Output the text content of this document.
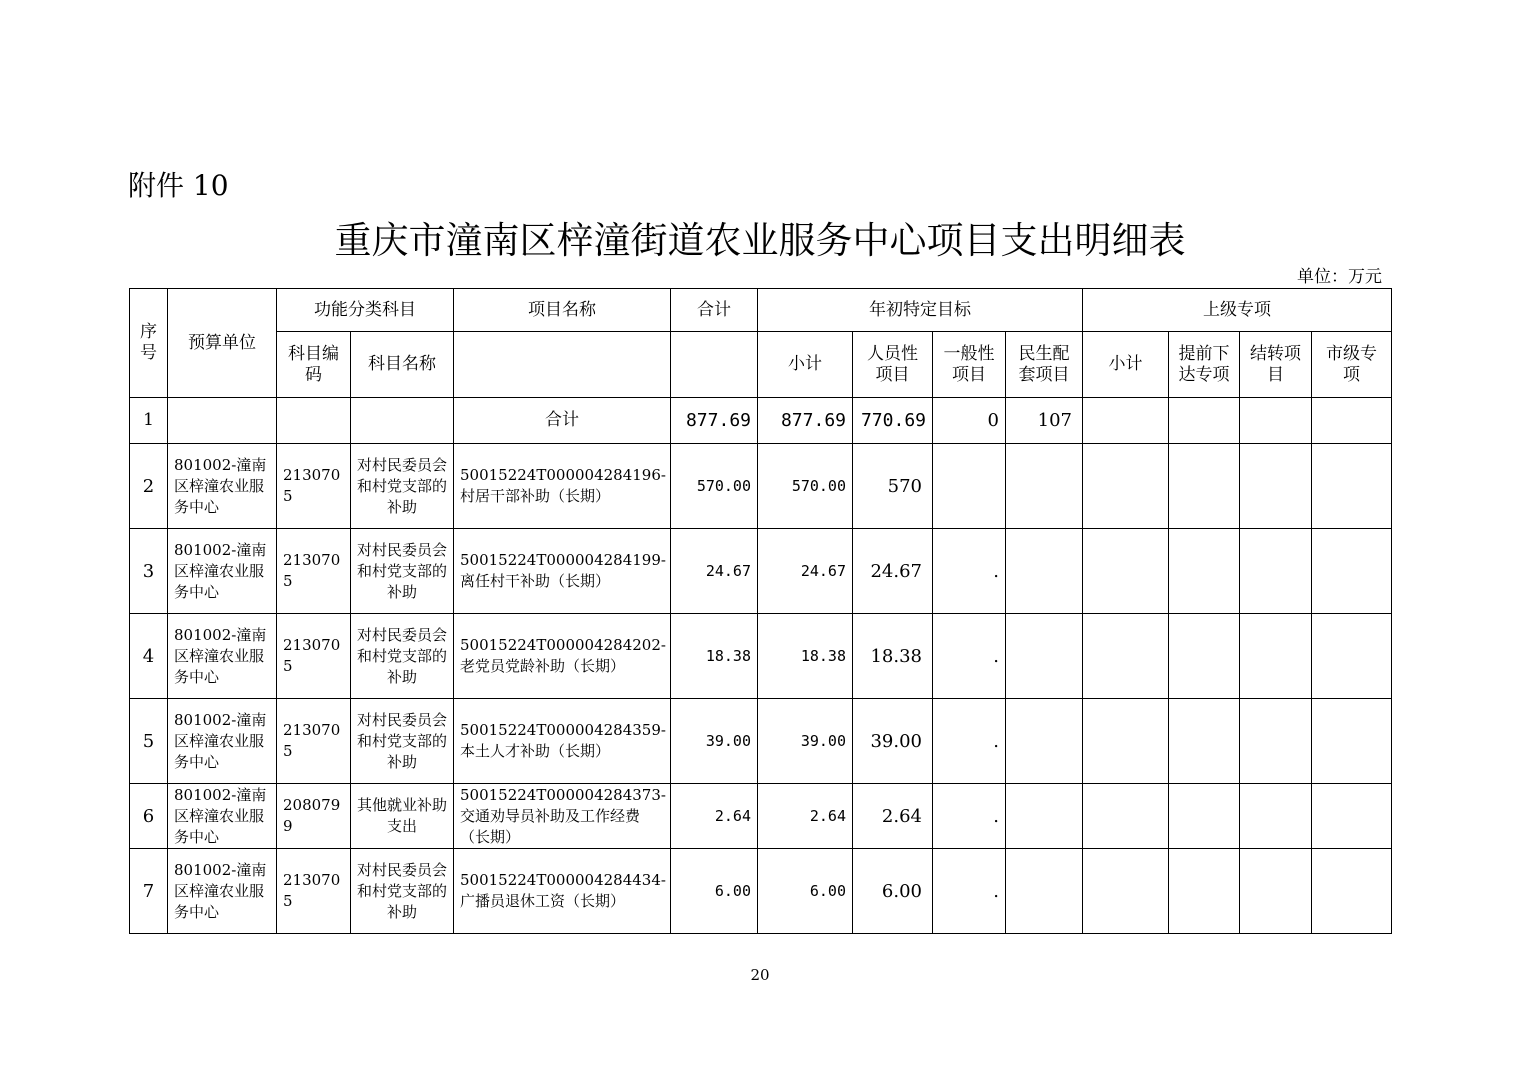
附件 10
重庆市潼南区梓潼街道农业服务中心项目支出明细表
单位：万元
序号	预算单位	功能分类科目		项目名称	合计	年初特定目标				上级专项			
		科目编码	科目名称			小计	人员性项目	一般性项目	民生配套项目	小计	提前下达专项	结转项目	市级专项
1				合计	877.69	877.69	770.69	0	107				
2	801002-潼南区梓潼农业服务中心	2130705	对村民委员会和村党支部的补助	50015224T000004284196-村居干部补助（长期）	570.00	570.00	570						
3	801002-潼南区梓潼农业服务中心	2130705	对村民委员会和村党支部的补助	50015224T000004284199-离任村干补助（长期）	24.67	24.67	24.67	.					
4	801002-潼南区梓潼农业服务中心	2130705	对村民委员会和村党支部的补助	50015224T000004284202-老党员党龄补助（长期）	18.38	18.38	18.38	.					
5	801002-潼南区梓潼农业服务中心	2130705	对村民委员会和村党支部的补助	50015224T000004284359-本土人才补助（长期）	39.00	39.00	39.00	.					
6	801002-潼南区梓潼农业服务中心	2080799	其他就业补助支出	50015224T000004284373-交通劝导员补助及工作经费（长期）	2.64	2.64	2.64	.					
7	801002-潼南区梓潼农业服务中心	2130705	对村民委员会和村党支部的补助	50015224T000004284434-广播员退休工资（长期）	6.00	6.00	6.00	.					
20
